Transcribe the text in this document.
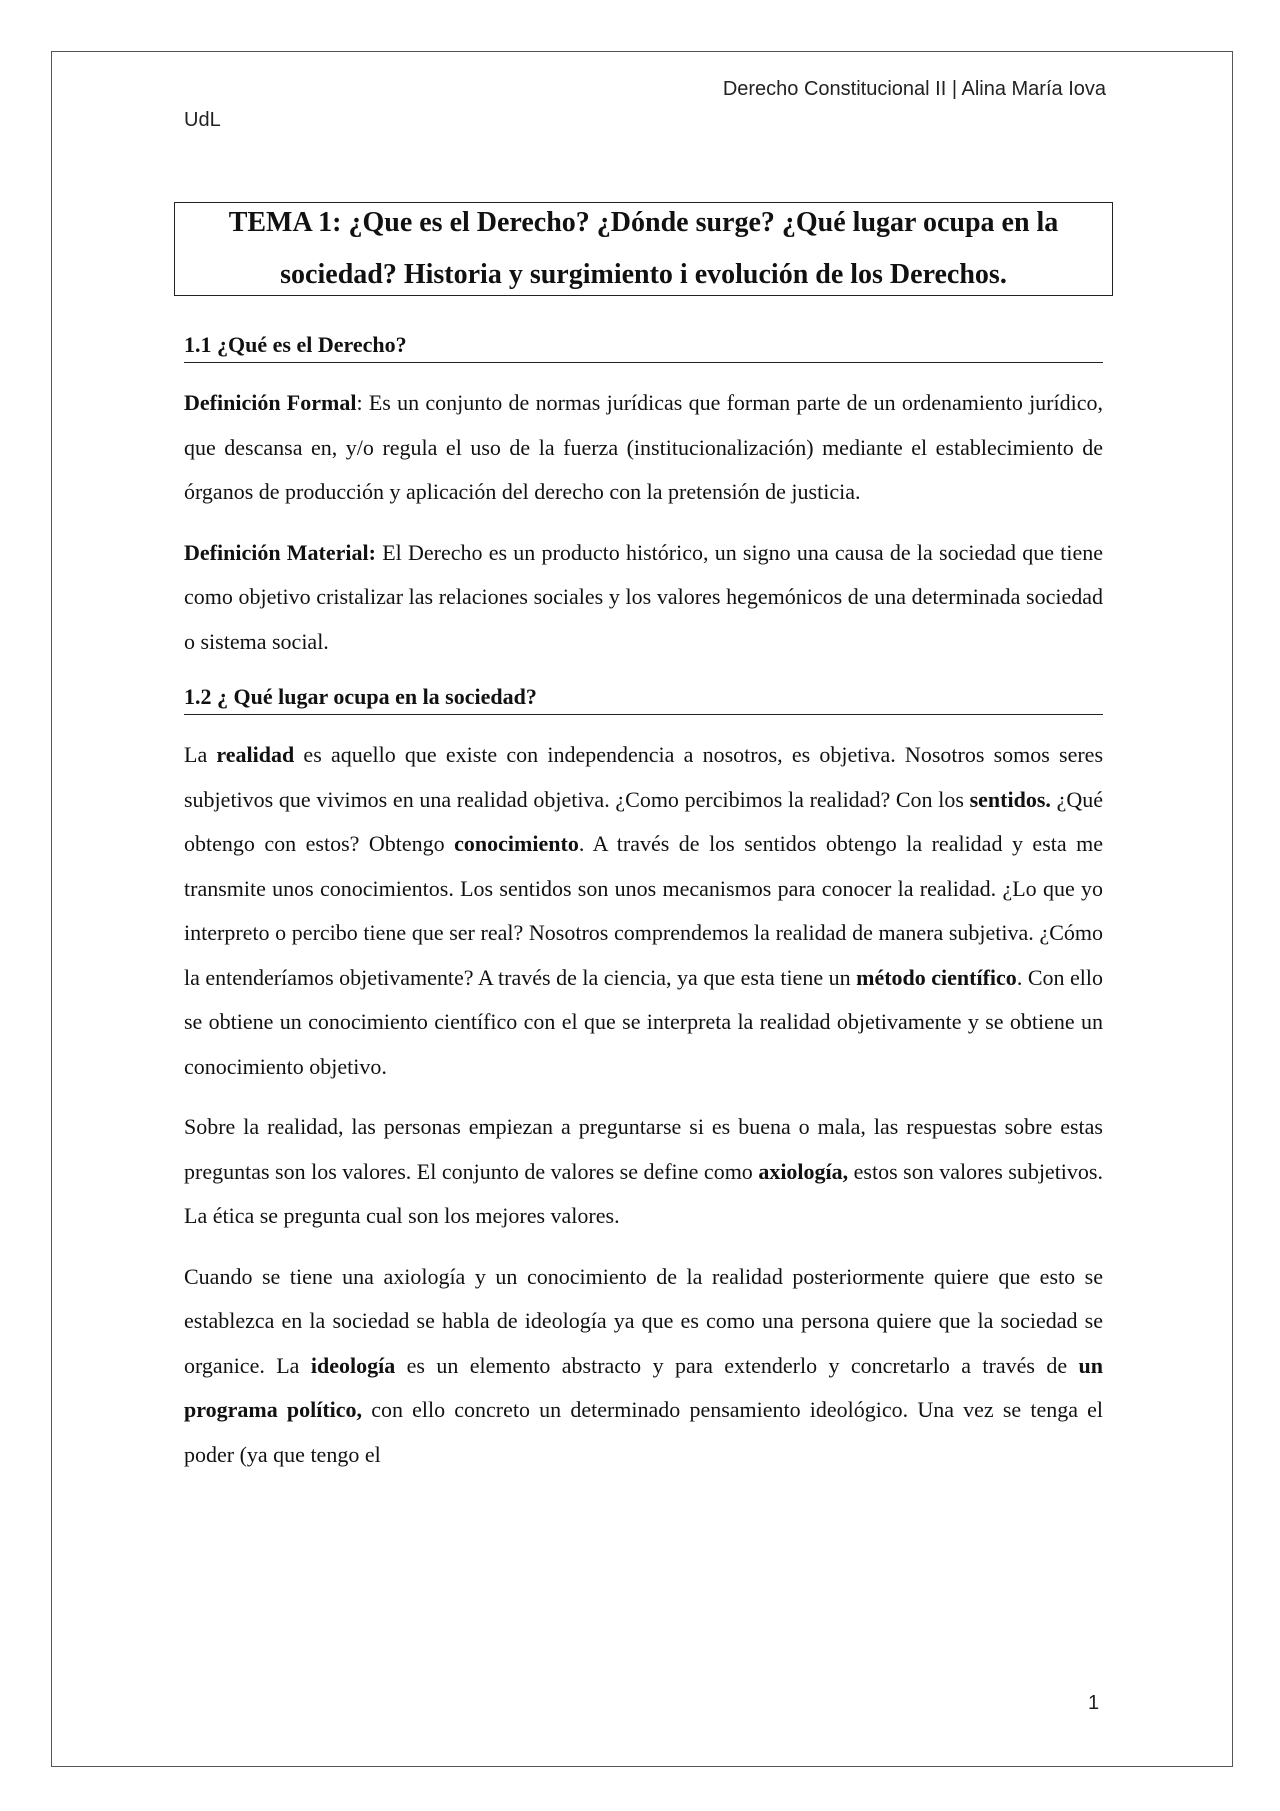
Derecho Constitucional II | Alina María Iova
UdL
TEMA 1: ¿Que es el Derecho? ¿Dónde surge? ¿Qué lugar ocupa en la sociedad? Historia y surgimiento i evolución de los Derechos.
1.1 ¿Qué es el Derecho?

Definición Formal: Es un conjunto de normas jurídicas que forman parte de un ordenamiento jurídico, que descansa en, y/o regula el uso de la fuerza (institucionalización) mediante el establecimiento de órganos de producción y aplicación del derecho con la pretensión de justicia.

Definición Material: El Derecho es un producto histórico, un signo una causa de la sociedad que tiene como objetivo cristalizar las relaciones sociales y los valores hegemónicos de una determinada sociedad o sistema social.

1.2 ¿ Qué lugar ocupa en la sociedad?

La realidad es aquello que existe con independencia a nosotros, es objetiva. Nosotros somos seres subjetivos que vivimos en una realidad objetiva. ¿Como percibimos la realidad? Con los sentidos. ¿Qué obtengo con estos? Obtengo conocimiento. A través de los sentidos obtengo la realidad y esta me transmite unos conocimientos. Los sentidos son unos mecanismos para conocer la realidad. ¿Lo que yo interpreto o percibo tiene que ser real? Nosotros comprendemos la realidad de manera subjetiva. ¿Cómo la entenderíamos objetivamente? A través de la ciencia, ya que esta tiene un método científico. Con ello se obtiene un conocimiento científico con el que se interpreta la realidad objetivamente y se obtiene un conocimiento objetivo.

Sobre la realidad, las personas empiezan a preguntarse si es buena o mala, las respuestas sobre estas preguntas son los valores. El conjunto de valores se define como axiología, estos son valores subjetivos. La ética se pregunta cual son los mejores valores.

Cuando se tiene una axiología y un conocimiento de la realidad posteriormente quiere que esto se establezca en la sociedad se habla de ideología ya que es como una persona quiere que la sociedad se organice. La ideología es un elemento abstracto y para extenderlo y concretarlo a través de un programa político, con ello concreto un determinado pensamiento ideológico. Una vez se tenga el poder (ya que tengo el

1
